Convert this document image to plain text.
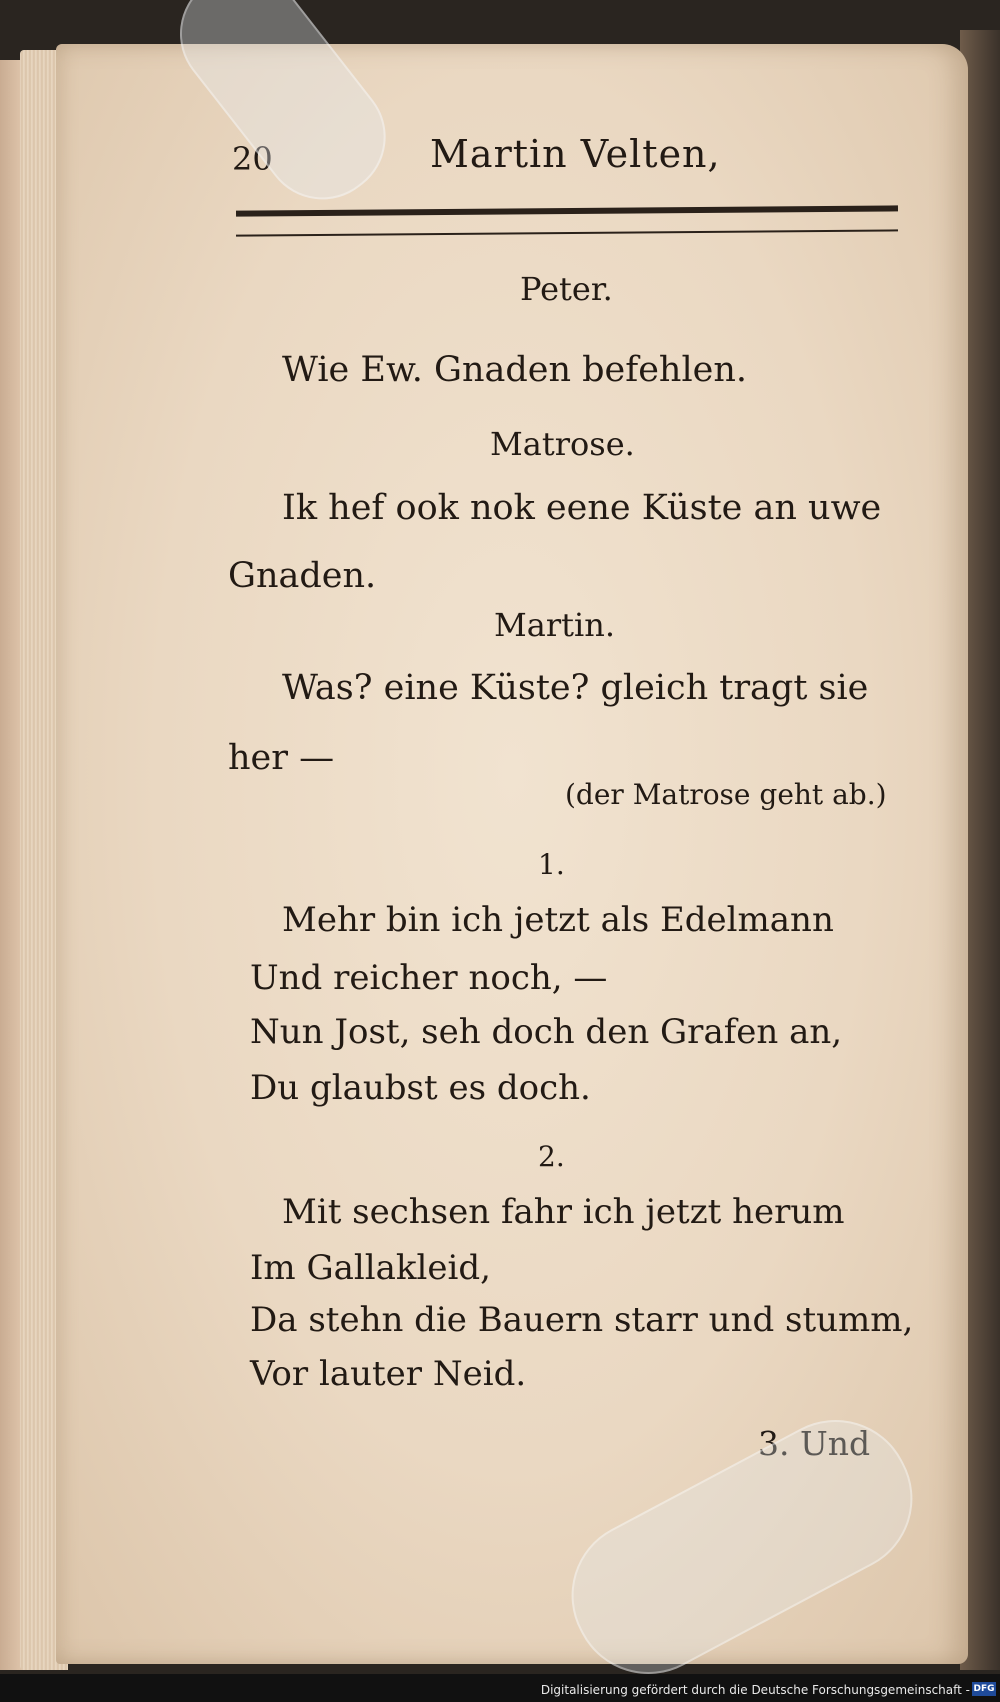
20	Martin Velten,
Peter.
Wie Ew. Gnaden befehlen.
Matrose.
Ik hef ook nok eene Küste an uwe
Gnaden.
Martin.
Was? eine Küste? gleich tragt sie
her —
(der Matrose geht ab.)
1.
Mehr bin ich jetzt als Edelmann
Und reicher noch, —
Nun Jost, seh doch den Grafen an,
Du glaubst es doch.
2.
Mit sechsen fahr ich jetzt herum
Im Gallakleid,
Da stehn die Bauern starr und stumm,
Vor lauter Neid.
3. Und
Digitalisierung gefördert durch die Deutsche Forschungsgemeinschaft - DFG
